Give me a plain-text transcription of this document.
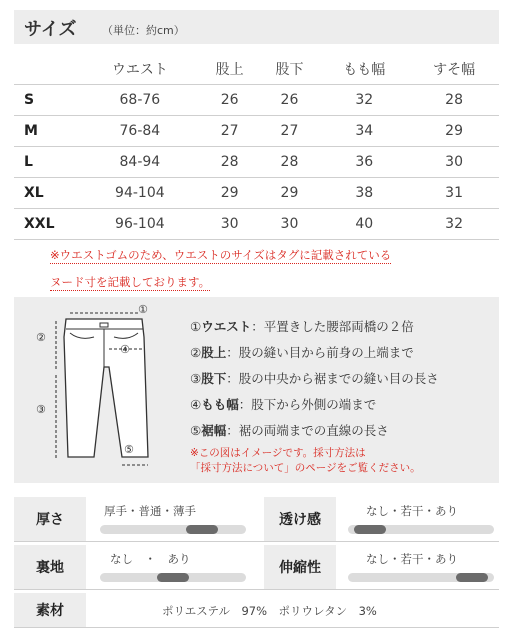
サイズ （単位：約cm）
	ウエスト	股上	股下	もも幅	すそ幅
S	68-76	26	26	32	28
M	76-84	27	27	34	29
L	84-94	28	28	36	30
XL	94-104	29	29	38	31
XXL	96-104	30	30	40	32
※ウエストゴムのため、ウエストのサイズはタグに記載されている
ヌード寸を記載しております。
①
②
③
④
⑤
①ウエスト：平置きした腰部両橋の２倍
②股上：股の縫い目から前身の上端まで
③股下：股の中央から裾までの縫い目の長さ
④もも幅：股下から外側の端まで
⑤裾幅：裾の両端までの直線の長さ
※この図はイメージです。採寸方法は
「採寸方法について」のページをご覧ください。
厚さ
厚手・普通・薄手
透け感
なし・若干・あり
裏地
なし　・　あり
伸縮性
なし・若干・あり
素材	ポリエステル　97%　ポリウレタン　3%
